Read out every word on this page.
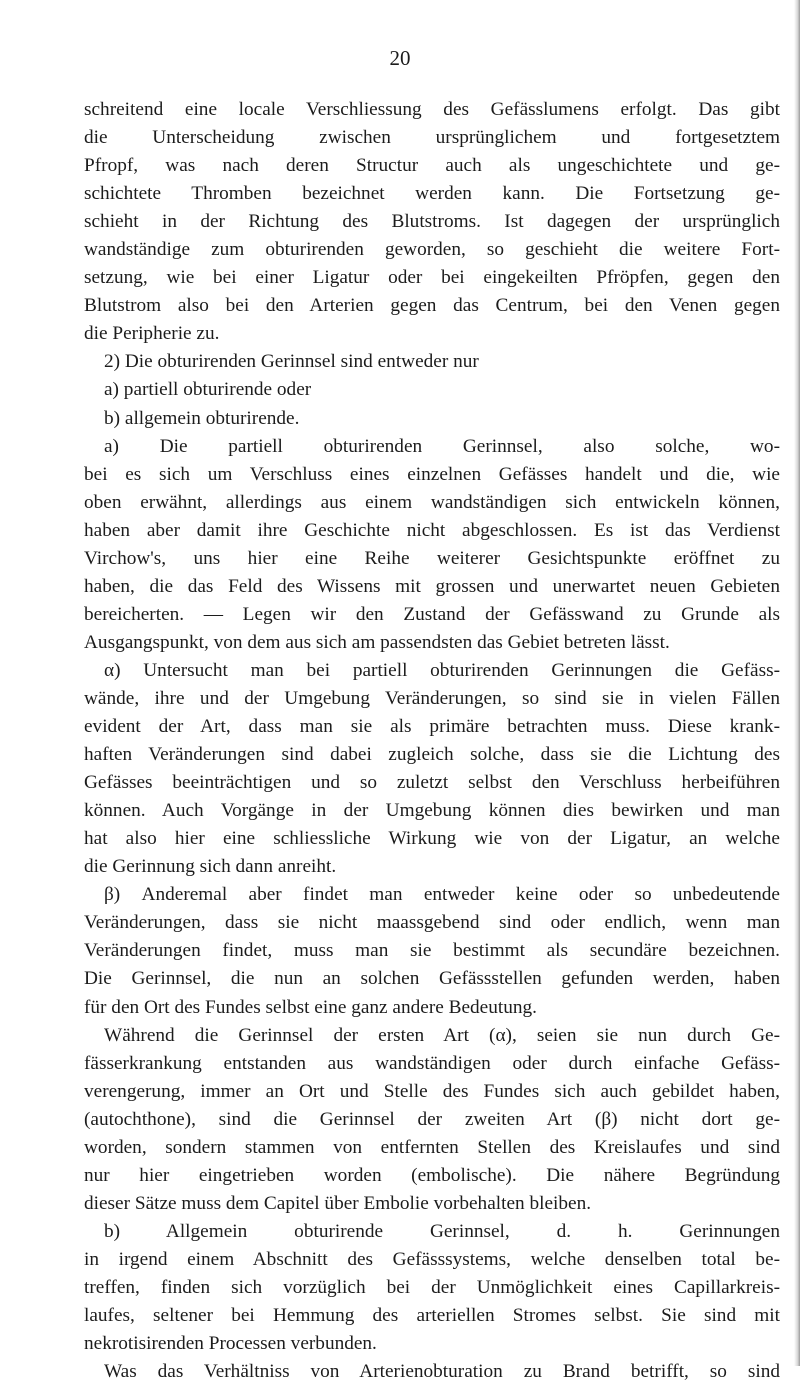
20
schreitend eine locale Verschliessung des Gefässlumens erfolgt. Das gibt
die Unterscheidung zwischen ursprünglichem und fortgesetztem
Pfropf, was nach deren Structur auch als ungeschichtete und ge-
schichtete Thromben bezeichnet werden kann. Die Fortsetzung ge-
schieht in der Richtung des Blutstroms. Ist dagegen der ursprünglich
wandständige zum obturirenden geworden, so geschieht die weitere Fort-
setzung, wie bei einer Ligatur oder bei eingekeilten Pfröpfen, gegen den
Blutstrom also bei den Arterien gegen das Centrum, bei den Venen gegen
die Peripherie zu.
2) Die obturirenden Gerinnsel sind entweder nur
a) partiell obturirende oder
b) allgemein obturirende.
a) Die partiell obturirenden Gerinnsel, also solche, wo-
bei es sich um Verschluss eines einzelnen Gefässes handelt und die, wie
oben erwähnt, allerdings aus einem wandständigen sich entwickeln können,
haben aber damit ihre Geschichte nicht abgeschlossen. Es ist das Verdienst
Virchow's, uns hier eine Reihe weiterer Gesichtspunkte eröffnet zu
haben, die das Feld des Wissens mit grossen und unerwartet neuen Gebieten
bereicherten. — Legen wir den Zustand der Gefässwand zu Grunde als
Ausgangspunkt, von dem aus sich am passendsten das Gebiet betreten lässt.
α) Untersucht man bei partiell obturirenden Gerinnungen die Gefäss-
wände, ihre und der Umgebung Veränderungen, so sind sie in vielen Fällen
evident der Art, dass man sie als primäre betrachten muss. Diese krank-
haften Veränderungen sind dabei zugleich solche, dass sie die Lichtung des
Gefässes beeinträchtigen und so zuletzt selbst den Verschluss herbeiführen
können. Auch Vorgänge in der Umgebung können dies bewirken und man
hat also hier eine schliessliche Wirkung wie von der Ligatur, an welche
die Gerinnung sich dann anreiht.
β) Anderemal aber findet man entweder keine oder so unbedeutende
Veränderungen, dass sie nicht maassgebend sind oder endlich, wenn man
Veränderungen findet, muss man sie bestimmt als secundäre bezeichnen.
Die Gerinnsel, die nun an solchen Gefässstellen gefunden werden, haben
für den Ort des Fundes selbst eine ganz andere Bedeutung.
Während die Gerinnsel der ersten Art (α), seien sie nun durch Ge-
fässerkrankung entstanden aus wandständigen oder durch einfache Gefäss-
verengerung, immer an Ort und Stelle des Fundes sich auch gebildet haben,
(autochthone), sind die Gerinnsel der zweiten Art (β) nicht dort ge-
worden, sondern stammen von entfernten Stellen des Kreislaufes und sind
nur hier eingetrieben worden (embolische). Die nähere Begründung
dieser Sätze muss dem Capitel über Embolie vorbehalten bleiben.
b) Allgemein obturirende Gerinnsel, d. h. Gerinnungen
in irgend einem Abschnitt des Gefässsystems, welche denselben total be-
treffen, finden sich vorzüglich bei der Unmöglichkeit eines Capillarkreis-
laufes, seltener bei Hemmung des arteriellen Stromes selbst. Sie sind mit
nekrotisirenden Processen verbunden.
Was das Verhältniss von Arterienobturation zu Brand betrifft, so sind
